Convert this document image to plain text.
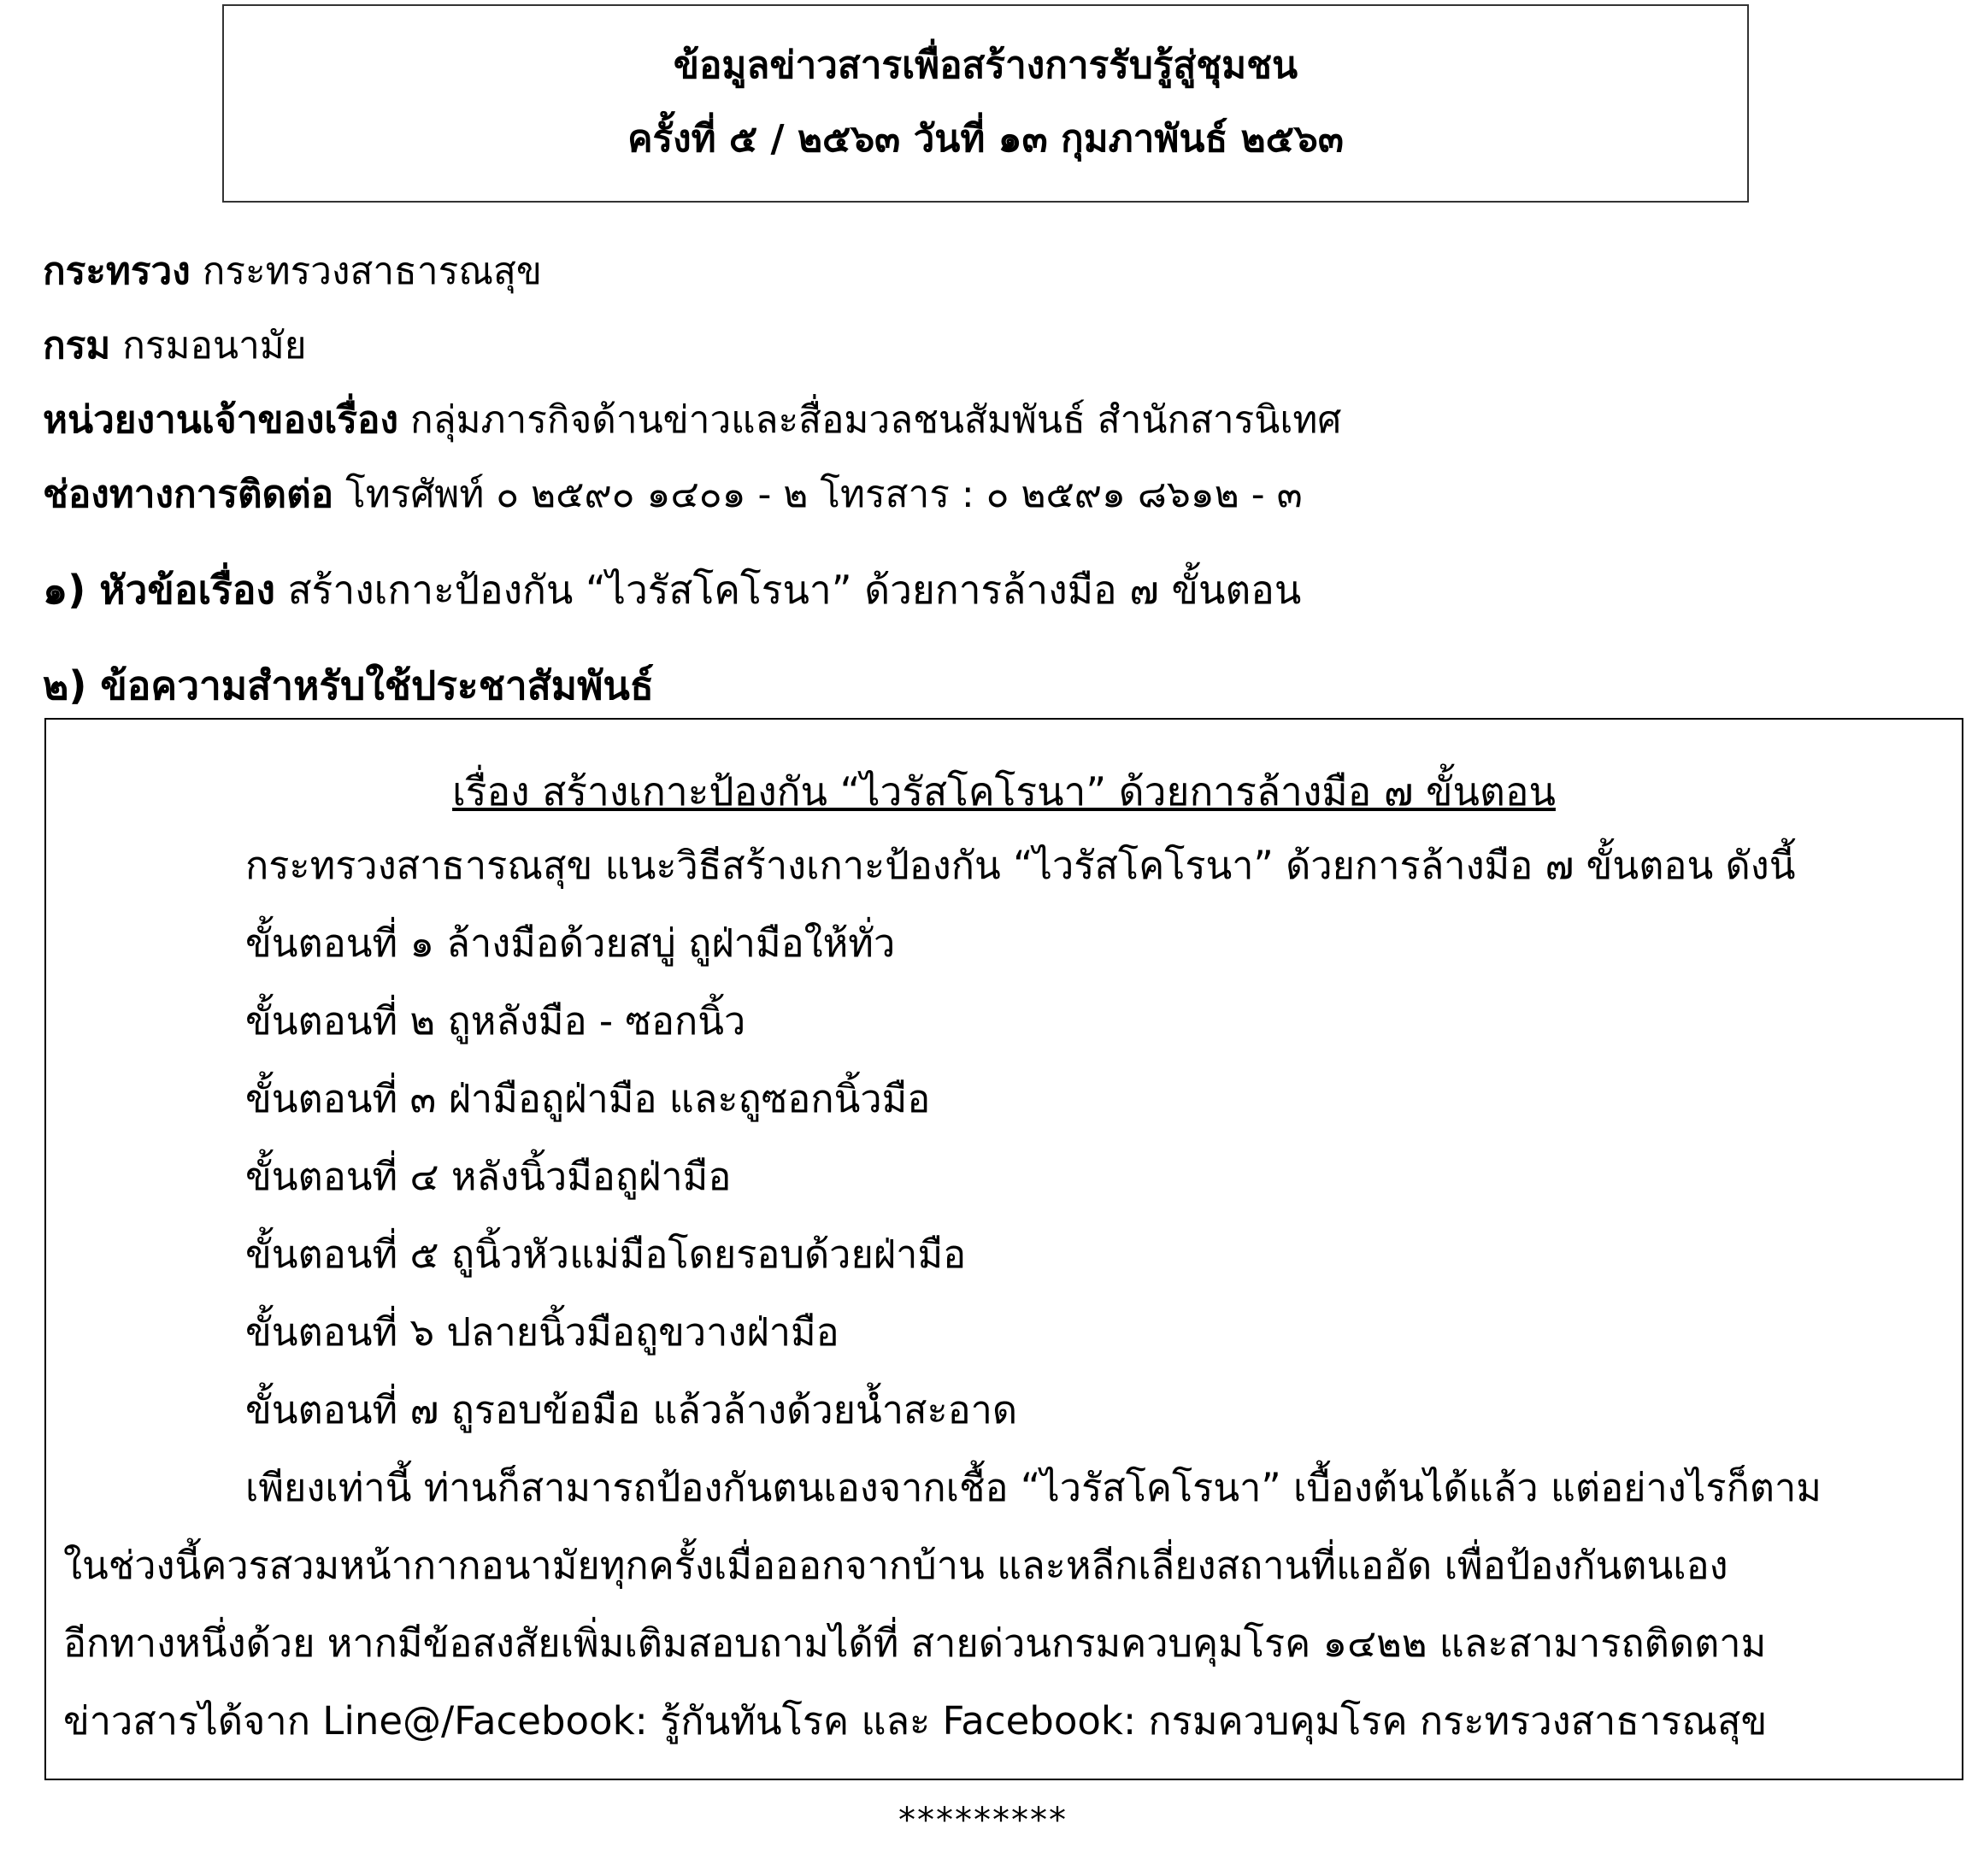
ข้อมูลข่าวสารเพื่อสร้างการรับรู้สู่ชุมชน
ครั้งที่ ๕ / ๒๕๖๓ วันที่ ๑๓ กุมภาพันธ์ ๒๕๖๓
กระทรวง กระทรวงสาธารณสุข
กรม กรมอนามัย
หน่วยงานเจ้าของเรื่อง กลุ่มภารกิจด้านข่าวและสื่อมวลชนสัมพันธ์ สำนักสารนิเทศ
ช่องทางการติดต่อ โทรศัพท์ ๐ ๒๕๙๐ ๑๔๐๑ - ๒ โทรสาร : ๐ ๒๕๙๑ ๘๖๑๒ - ๓
๑) หัวข้อเรื่อง สร้างเกาะป้องกัน “ไวรัสโคโรนา” ด้วยการล้างมือ ๗ ขั้นตอน
๒) ข้อความสำหรับใช้ประชาสัมพันธ์
เรื่อง สร้างเกาะป้องกัน “ไวรัสโคโรนา” ด้วยการล้างมือ ๗ ขั้นตอน
กระทรวงสาธารณสุข แนะวิธีสร้างเกาะป้องกัน “ไวรัสโคโรนา” ด้วยการล้างมือ ๗ ขั้นตอน ดังนี้
ขั้นตอนที่ ๑ ล้างมือด้วยสบู่ ถูฝ่ามือให้ทั่ว
ขั้นตอนที่ ๒ ถูหลังมือ - ซอกนิ้ว
ขั้นตอนที่ ๓ ฝ่ามือถูฝ่ามือ และถูซอกนิ้วมือ
ขั้นตอนที่ ๔ หลังนิ้วมือถูฝ่ามือ
ขั้นตอนที่ ๕ ถูนิ้วหัวแม่มือโดยรอบด้วยฝ่ามือ
ขั้นตอนที่ ๖ ปลายนิ้วมือถูขวางฝ่ามือ
ขั้นตอนที่ ๗ ถูรอบข้อมือ แล้วล้างด้วยน้ำสะอาด
เพียงเท่านี้ ท่านก็สามารถป้องกันตนเองจากเชื้อ “ไวรัสโคโรนา” เบื้องต้นได้แล้ว แต่อย่างไรก็ตาม
ในช่วงนี้ควรสวมหน้ากากอนามัยทุกครั้งเมื่อออกจากบ้าน และหลีกเลี่ยงสถานที่แออัด เพื่อป้องกันตนเอง
อีกทางหนึ่งด้วย หากมีข้อสงสัยเพิ่มเติมสอบถามได้ที่ สายด่วนกรมควบคุมโรค ๑๔๒๒ และสามารถติดตาม
ข่าวสารได้จาก Line@/Facebook: รู้กันทันโรค และ Facebook: กรมควบคุมโรค กระทรวงสาธารณสุข
*********
